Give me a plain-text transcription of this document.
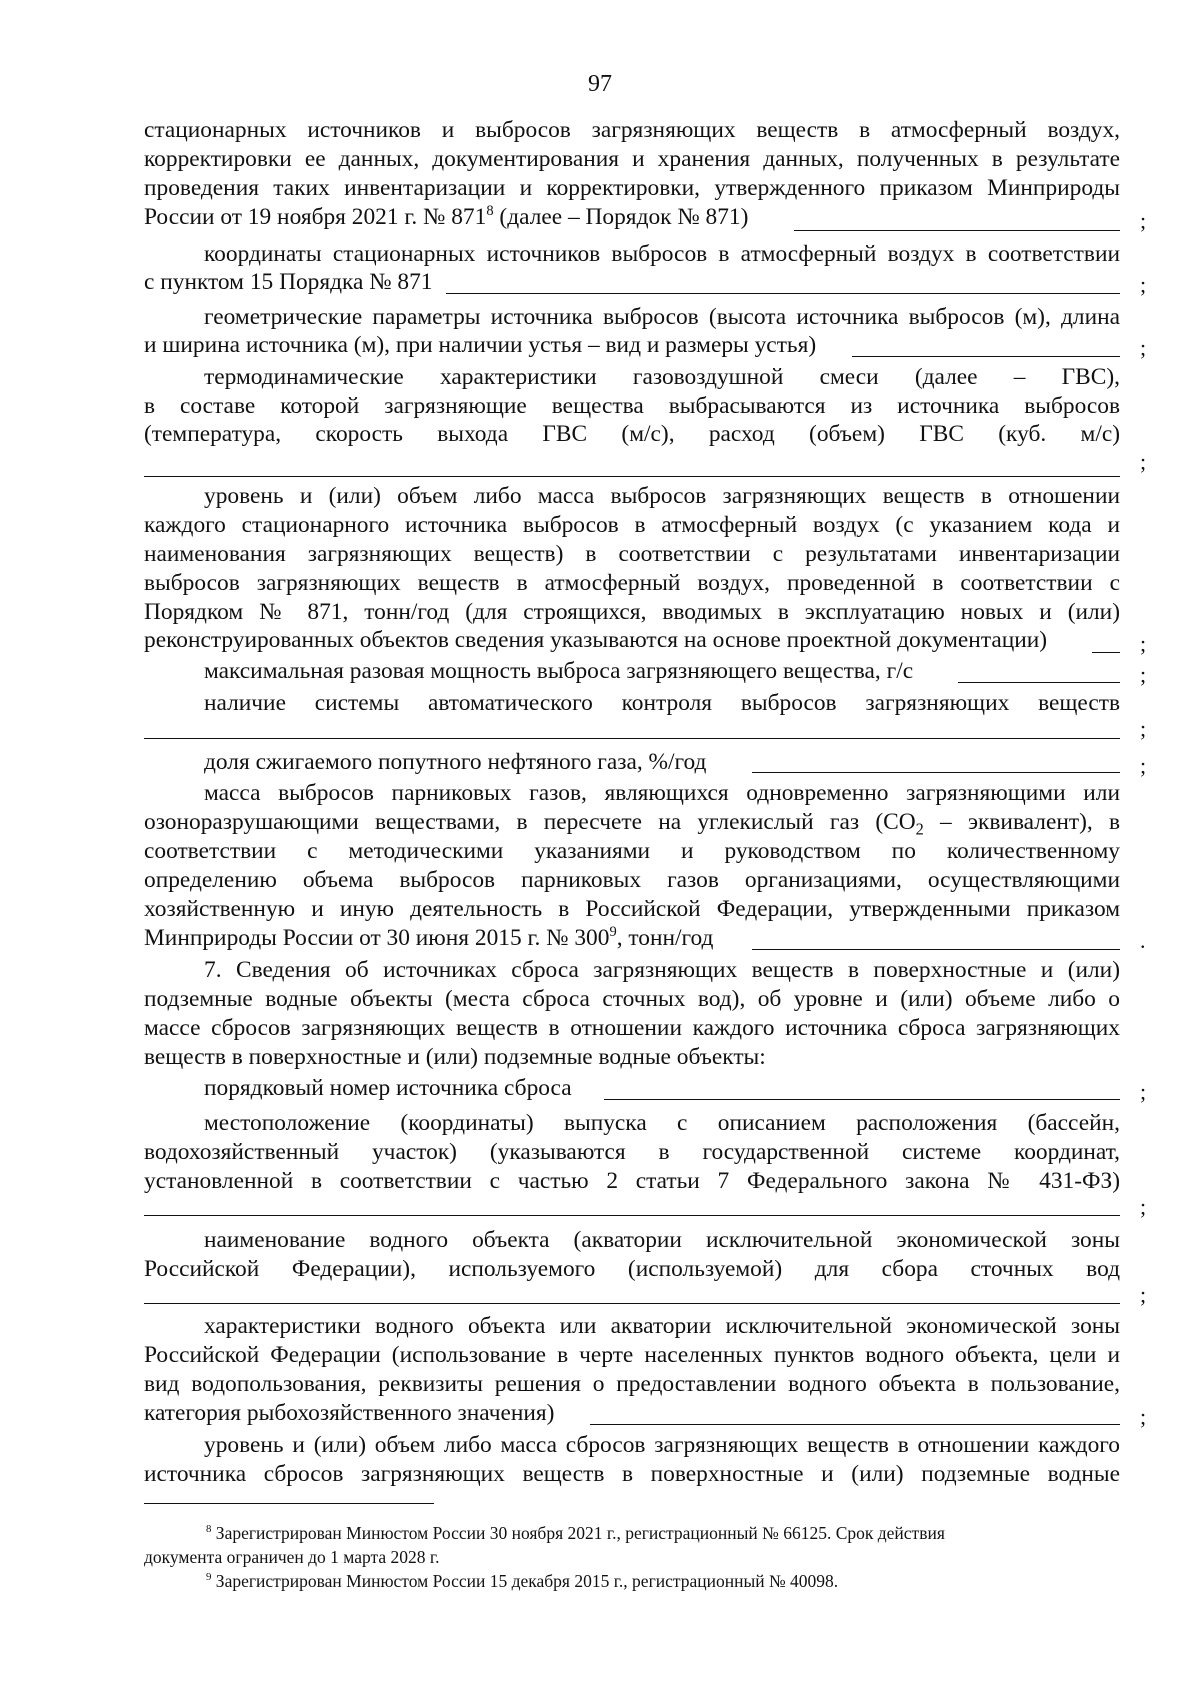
97

стационарных источников и выбросов загрязняющих веществ в атмосферный воздух,

корректировки ее данных, документирования и хранения данных, полученных в результате

проведения таких инвентаризации и корректировки, утвержденного приказом Минприроды

России от 19 ноября 2021 г. № $871^8$ (далее – Порядок № 871)	;

координаты стационарных источников выбросов в атмосферный воздух в соответствии

с пунктом 15 Порядка № 871	;

геометрические параметры источника выбросов (высота источника выбросов (м), длина

и ширина источника (м), при наличии устья – вид и размеры устья)	;

термодинамические характеристики газовоздушной смеси (далее – ГВС),

в составе которой загрязняющие вещества выбрасываются из источника выбросов

(температура, скорость выхода ГВС (м/с), расход (объем) ГВС (куб. м/с)

;

уровень и (или) объем либо масса выбросов загрязняющих веществ в отношении

каждого стационарного источника выбросов в атмосферный воздух (с указанием кода и

наименования загрязняющих веществ) в соответствии с результатами инвентаризации

выбросов загрязняющих веществ в атмосферный воздух, проведенной в соответствии с

Порядком № 871, тонн/год (для строящихся, вводимых в эксплуатацию новых и (или)

реконструированных объектов сведения указываются на основе проектной документации)	;

максимальная разовая мощность выброса загрязняющего вещества, г/с	;

наличие системы автоматического контроля выбросов загрязняющих веществ

;

доля сжигаемого попутного нефтяного газа, %/год	;

масса выбросов парниковых газов, являющихся одновременно загрязняющими или

озоноразрушающими веществами, в пересчете на углекислый газ ($CO_2$ – эквивалент), в

соответствии с методическими указаниями и руководством по количественному

определению объема выбросов парниковых газов организациями, осуществляющими

хозяйственную и иную деятельность в Российской Федерации, утвержденными приказом

Минприроды России от 30 июня 2015 г. № $300^9$, тонн/год	.

7. Сведения об источниках сброса загрязняющих веществ в поверхностные и (или)

подземные водные объекты (места сброса сточных вод), об уровне и (или) объеме либо о

массе сбросов загрязняющих веществ в отношении каждого источника сброса загрязняющих

веществ в поверхностные и (или) подземные водные объекты:

порядковый номер источника сброса	;

местоположение (координаты) выпуска с описанием расположения (бассейн,

водохозяйственный участок) (указываются в государственной системе координат,

установленной в соответствии с частью 2 статьи 7 Федерального закона № 431-ФЗ)

;

наименование водного объекта (акватории исключительной экономической зоны

Российской Федерации), используемого (используемой) для сбора сточных вод

;

характеристики водного объекта или акватории исключительной экономической зоны

Российской Федерации (использование в черте населенных пунктов водного объекта, цели и

вид водопользования, реквизиты решения о предоставлении водного объекта в пользование,

категория рыбохозяйственного значения)	;

уровень и (или) объем либо масса сбросов загрязняющих веществ в отношении каждого

источника сбросов загрязняющих веществ в поверхностные и (или) подземные водные

$^8$ Зарегистрирован Минюстом России 30 ноября 2021 г., регистрационный № 66125. Срок действия

документа ограничен до 1 марта 2028 г.

$^9$ Зарегистрирован Минюстом России 15 декабря 2015 г., регистрационный № 40098.
